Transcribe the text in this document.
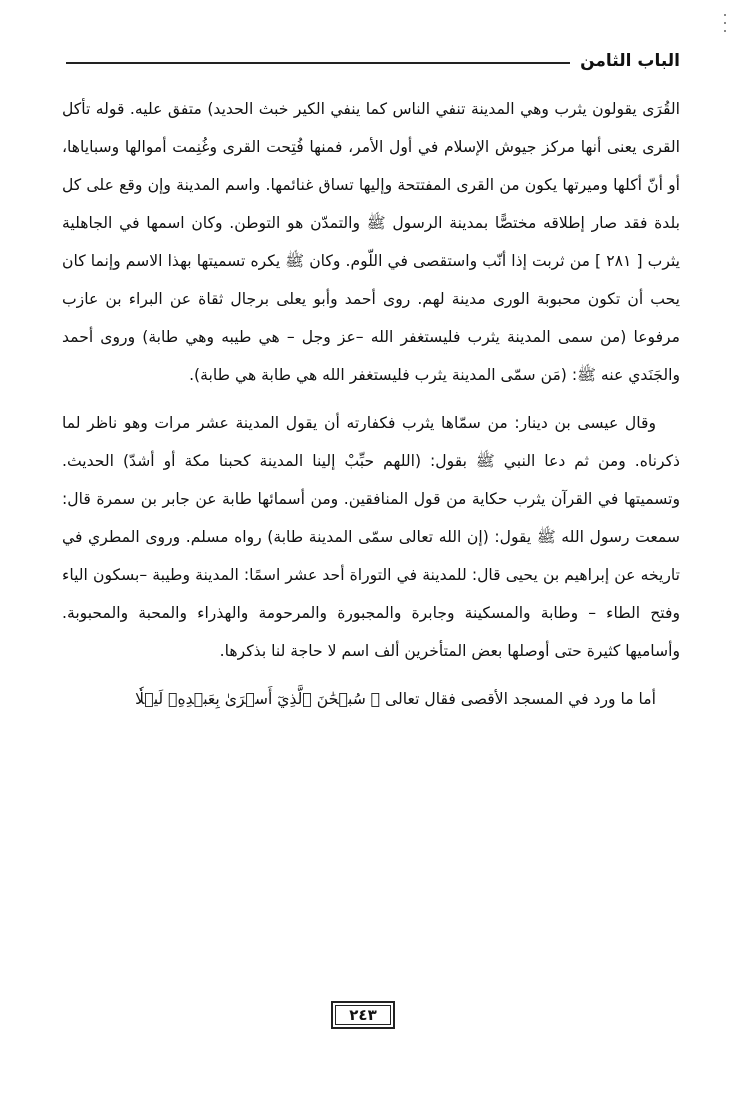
الباب الثامن

القُرَى يقولون يثرب وهي المدينة تنفي الناس كما ينفي الكير خبث الحديد) متفق عليه. قوله تأكل القرى يعنى أنها مركز جيوش الإسلام في أول الأمر، فمنها فُتِحت القرى وغُنِمت أموالها وسباياها، أو أنّ أكلها وميرتها يكون من القرى المفتتحة وإليها تساق غنائمها. واسم المدينة وإن وقع على كل بلدة فقد صار إطلاقه مختصًّا بمدينة الرسول ﷺ والتمدّن هو التوطن. وكان اسمها في الجاهلية يثرب [ ٢٨١ ] من ثربت إذا أنّب واستقصى في اللّوم. وكان ﷺ يكره تسميتها بهذا الاسم وإنما كان يحب أن تكون محبوبة الورى مدينة لهم. روى أحمد وأبو يعلى برجال ثقاة عن البراء بن عازب مرفوعا (من سمى المدينة يثرب فليستغفر الله –عز وجل – هي طيبه وهي طابة) وروى أحمد والجَنَدي عنه ﷺ: (مَن سمّى المدينة يثرب فليستغفر الله هي طابة هي طابة).

وقال عيسى بن دينار: من سمّاها يثرب فكفارته أن يقول المدينة عشر مرات وهو ناظر لما ذكرناه. ومن ثم دعا النبي ﷺ بقول: (اللهم حبِّبْ إلينا المدينة كحبنا مكة أو أشدّ) الحديث. وتسميتها في القرآن يثرب حكاية من قول المنافقين. ومن أسمائها طابة عن جابر بن سمرة قال: سمعت رسول الله ﷺ يقول: (إن الله تعالى سمّى المدينة طابة) رواه مسلم. وروى المطري في تاريخه عن إبراهيم بن يحيى قال: للمدينة في التوراة أحد عشر اسمًا: المدينة وطيبة –بسكون الياء وفتح الطاء – وطابة والمسكينة وجابرة والمجبورة والمرحومة والهذراء والمحبة والمحبوبة. وأساميها كثيرة حتى أوصلها بعض المتأخرين ألف اسم لا حاجة لنا بذكرها.

أما ما ورد في المسجد الأقصى فقال تعالى ﴿ سُبۡحَٰنَ ٱلَّذِيٓ أَسۡرَىٰ بِعَبۡدِهِۦ لَيۡلٗا

٢٤٣
